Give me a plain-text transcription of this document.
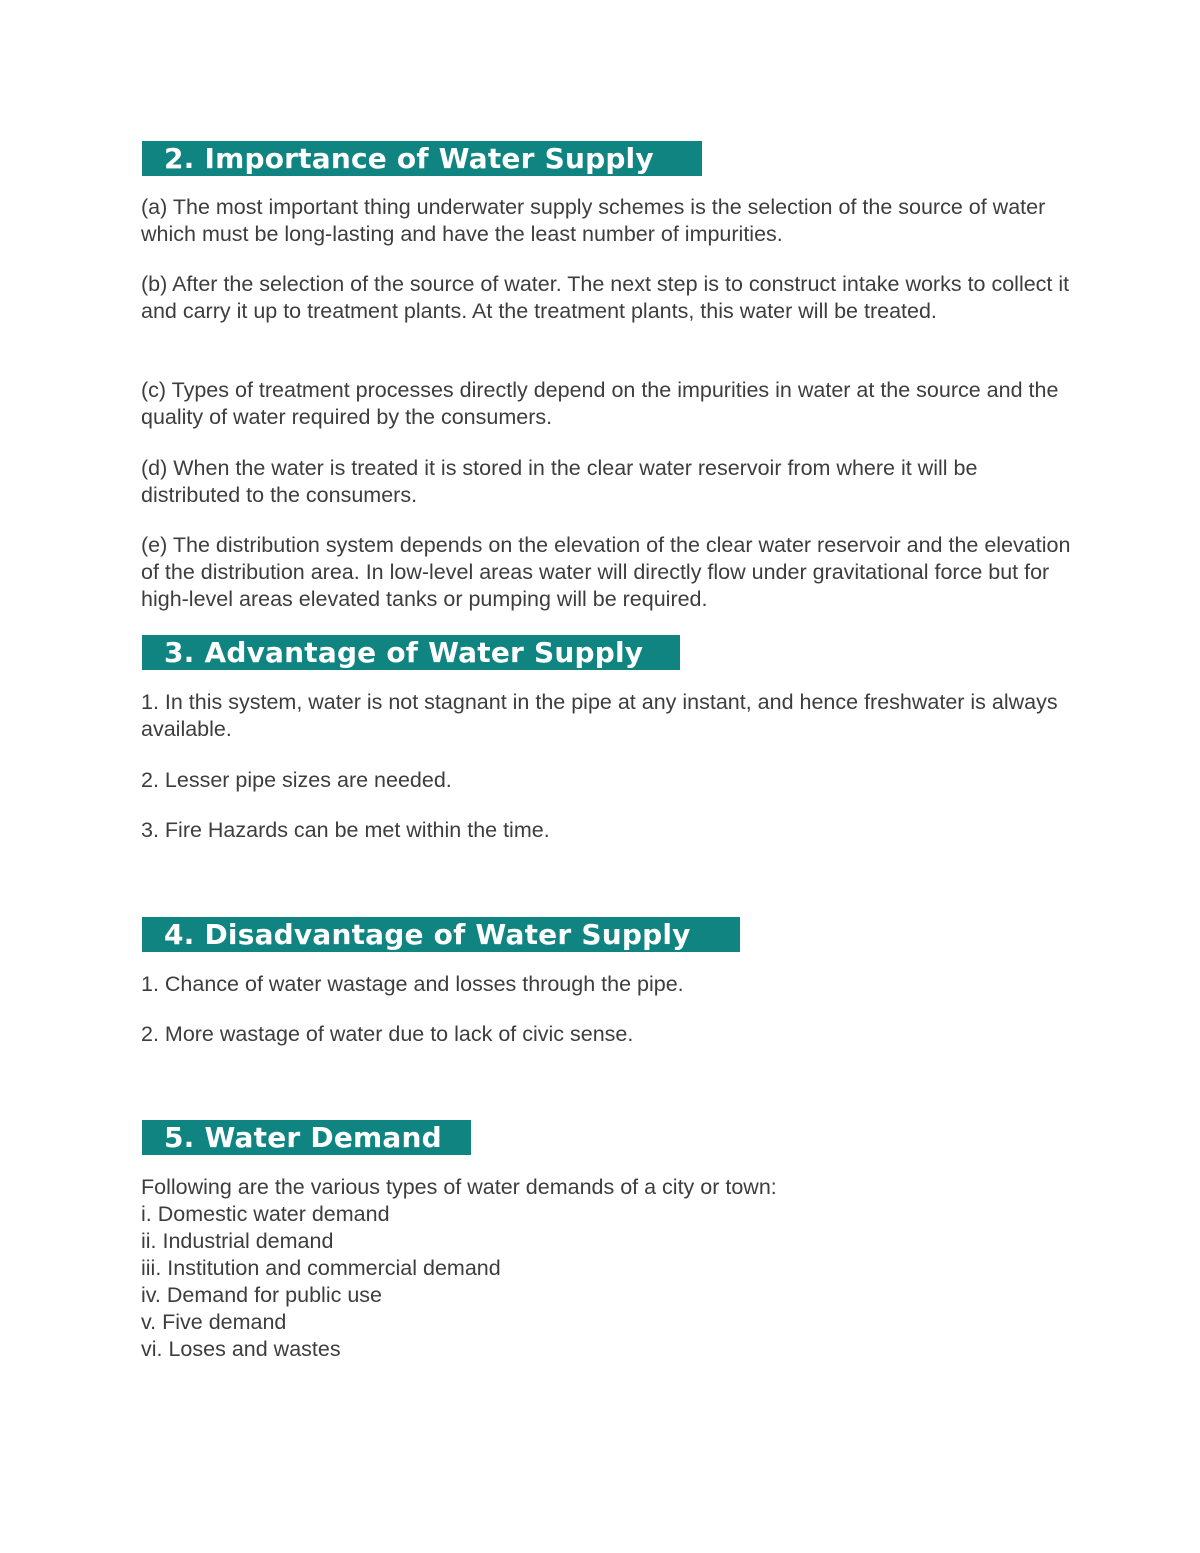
2. Importance of Water Supply

(a) The most important thing underwater supply schemes is the selection of the source of water which must be long-lasting and have the least number of impurities.

(b) After the selection of the source of water. The next step is to construct intake works to collect it and carry it up to treatment plants. At the treatment plants, this water will be treated.

(c) Types of treatment processes directly depend on the impurities in water at the source and the quality of water required by the consumers.

(d) When the water is treated it is stored in the clear water reservoir from where it will be distributed to the consumers.

(e) The distribution system depends on the elevation of the clear water reservoir and the elevation of the distribution area. In low-level areas water will directly flow under gravitational force but for high-level areas elevated tanks or pumping will be required.

3. Advantage of Water Supply

1. In this system, water is not stagnant in the pipe at any instant, and hence freshwater is always available.

2. Lesser pipe sizes are needed.

3. Fire Hazards can be met within the time.

4. Disadvantage of Water Supply

1. Chance of water wastage and losses through the pipe.

2. More wastage of water due to lack of civic sense.

5. Water Demand

Following are the various types of water demands of a city or town:

i. Domestic water demand
ii. Industrial demand
iii. Institution and commercial demand
iv. Demand for public use
v. Five demand
vi. Loses and wastes
